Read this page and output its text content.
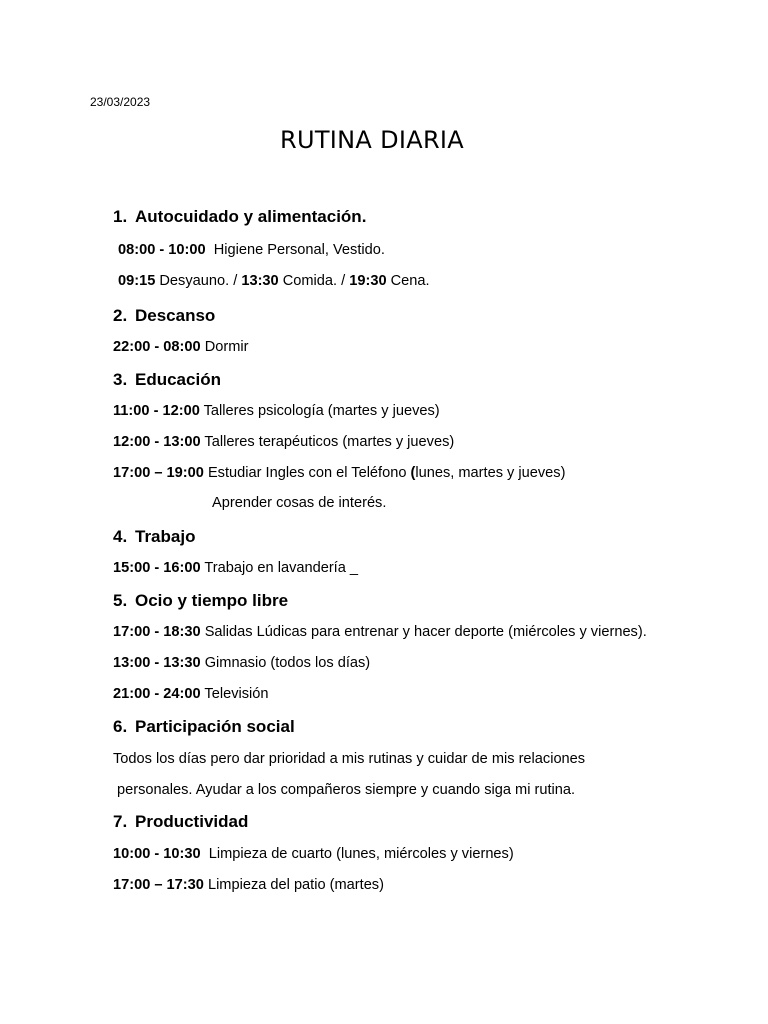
23/03/2023
RUTINA DIARIA
1. Autocuidado y alimentación.
08:00 - 10:00 Higiene Personal, Vestido.
09:15 Desyauno. / 13:30 Comida. / 19:30 Cena.
2. Descanso
22:00 - 08:00 Dormir
3. Educación
11:00 - 12:00 Talleres psicología (martes y jueves)
12:00 - 13:00 Talleres terapéuticos (martes y jueves)
17:00 – 19:00 Estudiar Ingles con el Teléfono (lunes, martes y jueves)
Aprender cosas de interés.
4. Trabajo
15:00 - 16:00 Trabajo en lavandería _
5. Ocio y tiempo libre
17:00 - 18:30 Salidas Lúdicas para entrenar y hacer deporte (miércoles y viernes).
13:00 - 13:30 Gimnasio (todos los días)
21:00 - 24:00 Televisión
6. Participación social
Todos los días pero dar prioridad a mis rutinas y cuidar de mis relaciones
personales. Ayudar a los compañeros siempre y cuando siga mi rutina.
7. Productividad
10:00 - 10:30 Limpieza de cuarto (lunes, miércoles y viernes)
17:00 – 17:30 Limpieza del patio (martes)
